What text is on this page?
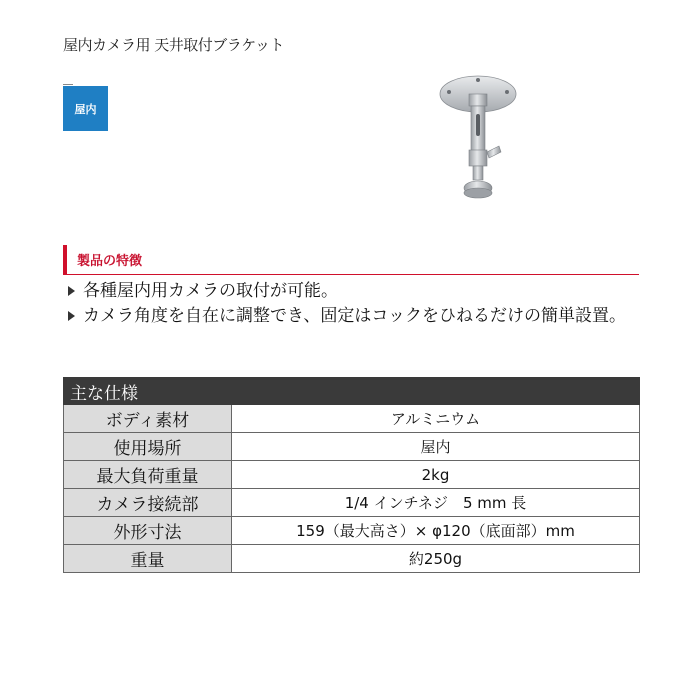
屋内カメラ用 天井取付ブラケット
屋内
製品の特徴
各種屋内用カメラの取付が可能。
カメラ角度を自在に調整でき、固定はコックをひねるだけの簡単設置。
主な仕様	
ボディ素材	アルミニウム
使用場所	屋内
最大負荷重量	2kg
カメラ接続部	1/4 インチネジ　5 mm 長
外形寸法	159（最大高さ）× φ120（底面部）mm
重量	約250g
